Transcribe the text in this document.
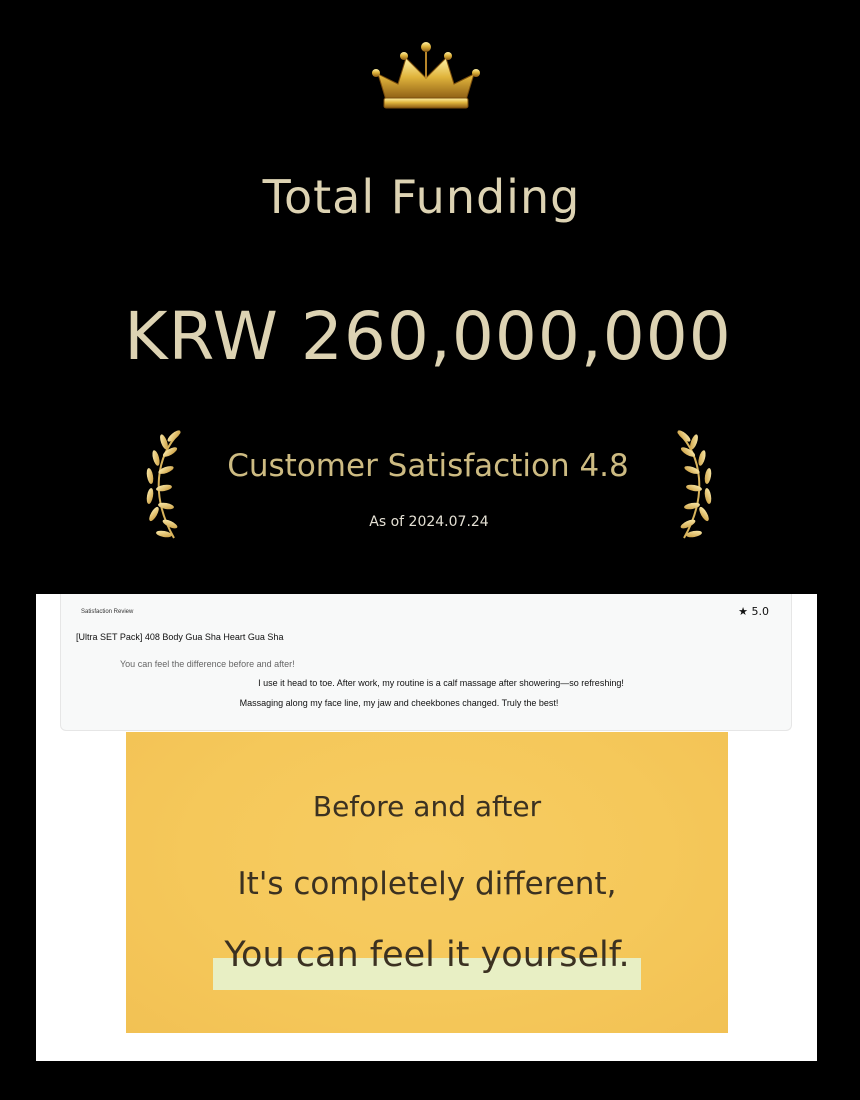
Total Funding
KRW 260,000,000
Customer Satisfaction 4.8
As of 2024.07.24
Satisfaction Review	★ 5.0
[Ultra SET Pack] 408 Body Gua Sha Heart Gua Sha
You can feel the difference before and after!
I use it head to toe. After work, my routine is a calf massage after showering—so refreshing!
Massaging along my face line, my jaw and cheekbones changed. Truly the best!
Before and after
It's completely different,
You can feel it yourself.
